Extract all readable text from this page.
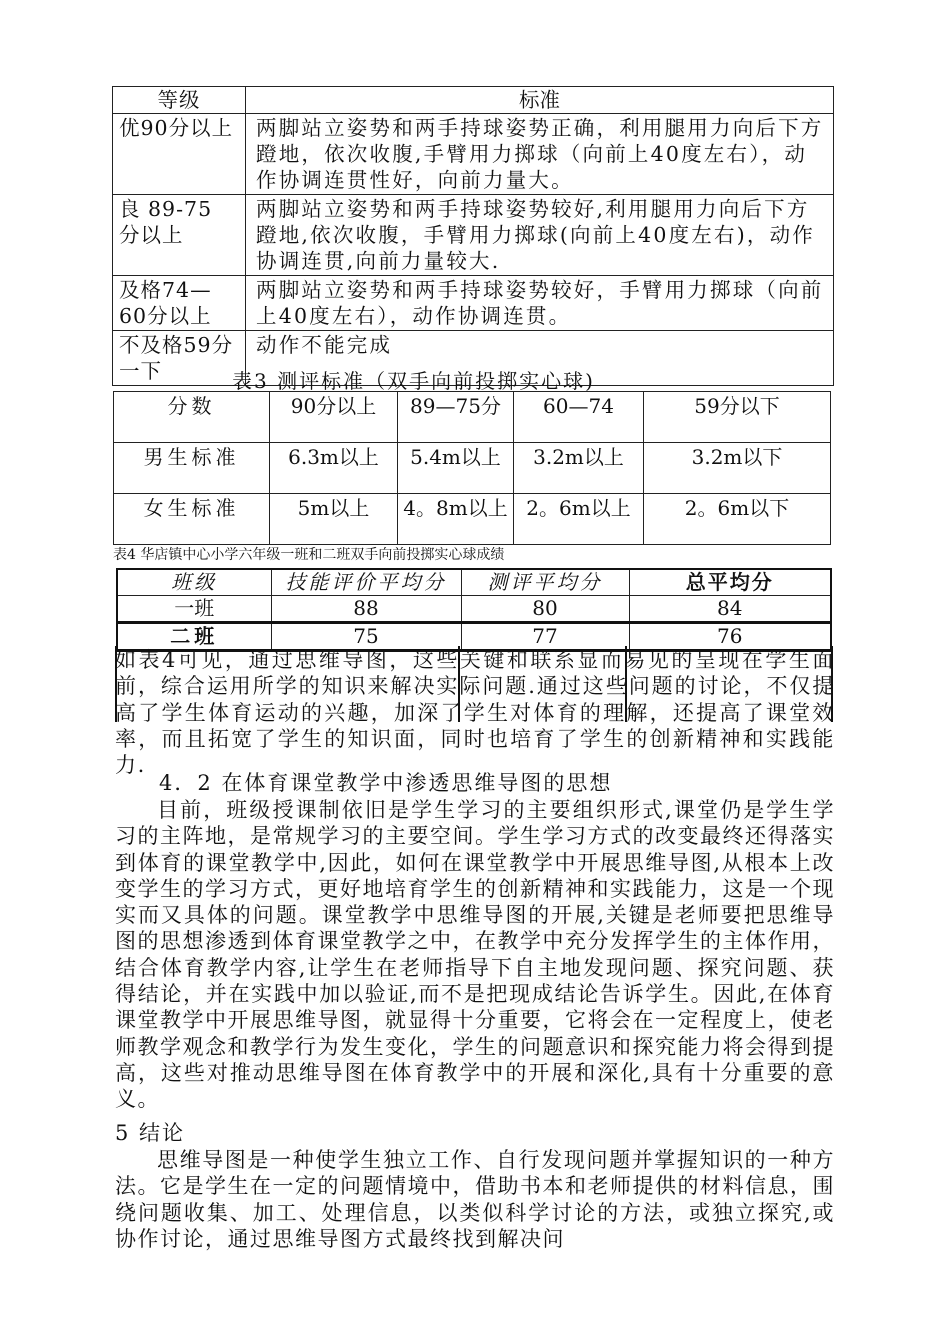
等级	标准
优90分以上	两脚站立姿势和两手持球姿势正确，利用腿用力向后下方蹬地，依次收腹,手臂用力掷球（向前上40度左右），动作协调连贯性好，向前力量大。
良 89-75 分以上	两脚站立姿势和两手持球姿势较好,利用腿用力向后下方蹬地,依次收腹，手臂用力掷球(向前上40度左右)，动作协调连贯,向前力量较大.
及格74—60分以上	两脚站立姿势和两手持球姿势较好，手臂用力掷球（向前上40度左右），动作协调连贯。
不及格59分一下	动作不能完成
表3 测评标准（双手向前投掷实心球)
分数	90分以上	89—75分	60—74	59分以下
男生标准	6.3m以上	5.4m以上	3.2m以上	3.2m以下
女生标准	5m以上	4。8m以上	2。6m以上	2。6m以下
表4 华店镇中心小学六年级一班和二班双手向前投掷实心球成绩
班级	技能评价平均分	测评平均分	总平均分
一班	88	80	84
二班	75	77	76

如表4可见，通过思维导图，这些关键和联系显而易见的呈现在学生面前，综合运用所学的知识来解决实际问题.通过这些问题的讨论，不仅提高了学生体育运动的兴趣，加深了学生对体育的理解，还提高了课堂效率，而且拓宽了学生的知识面，同时也培育了学生的创新精神和实践能力.

4．2 在体育课堂教学中渗透思维导图的思想

目前，班级授课制依旧是学生学习的主要组织形式,课堂仍是学生学习的主阵地，是常规学习的主要空间。学生学习方式的改变最终还得落实到体育的课堂教学中,因此，如何在课堂教学中开展思维导图,从根本上改变学生的学习方式，更好地培育学生的创新精神和实践能力，这是一个现实而又具体的问题。课堂教学中思维导图的开展,关键是老师要把思维导图的思想渗透到体育课堂教学之中，在教学中充分发挥学生的主体作用，结合体育教学内容,让学生在老师指导下自主地发现问题、探究问题、获得结论，并在实践中加以验证,而不是把现成结论告诉学生。因此,在体育课堂教学中开展思维导图，就显得十分重要，它将会在一定程度上，使老师教学观念和教学行为发生变化，学生的问题意识和探究能力将会得到提高，这些对推动思维导图在体育教学中的开展和深化,具有十分重要的意义。

5 结论

思维导图是一种使学生独立工作、自行发现问题并掌握知识的一种方法。它是学生在一定的问题情境中，借助书本和老师提供的材料信息，围绕问题收集、加工、处理信息，以类似科学讨论的方法，或独立探究,或协作讨论，通过思维导图方式最终找到解决问
